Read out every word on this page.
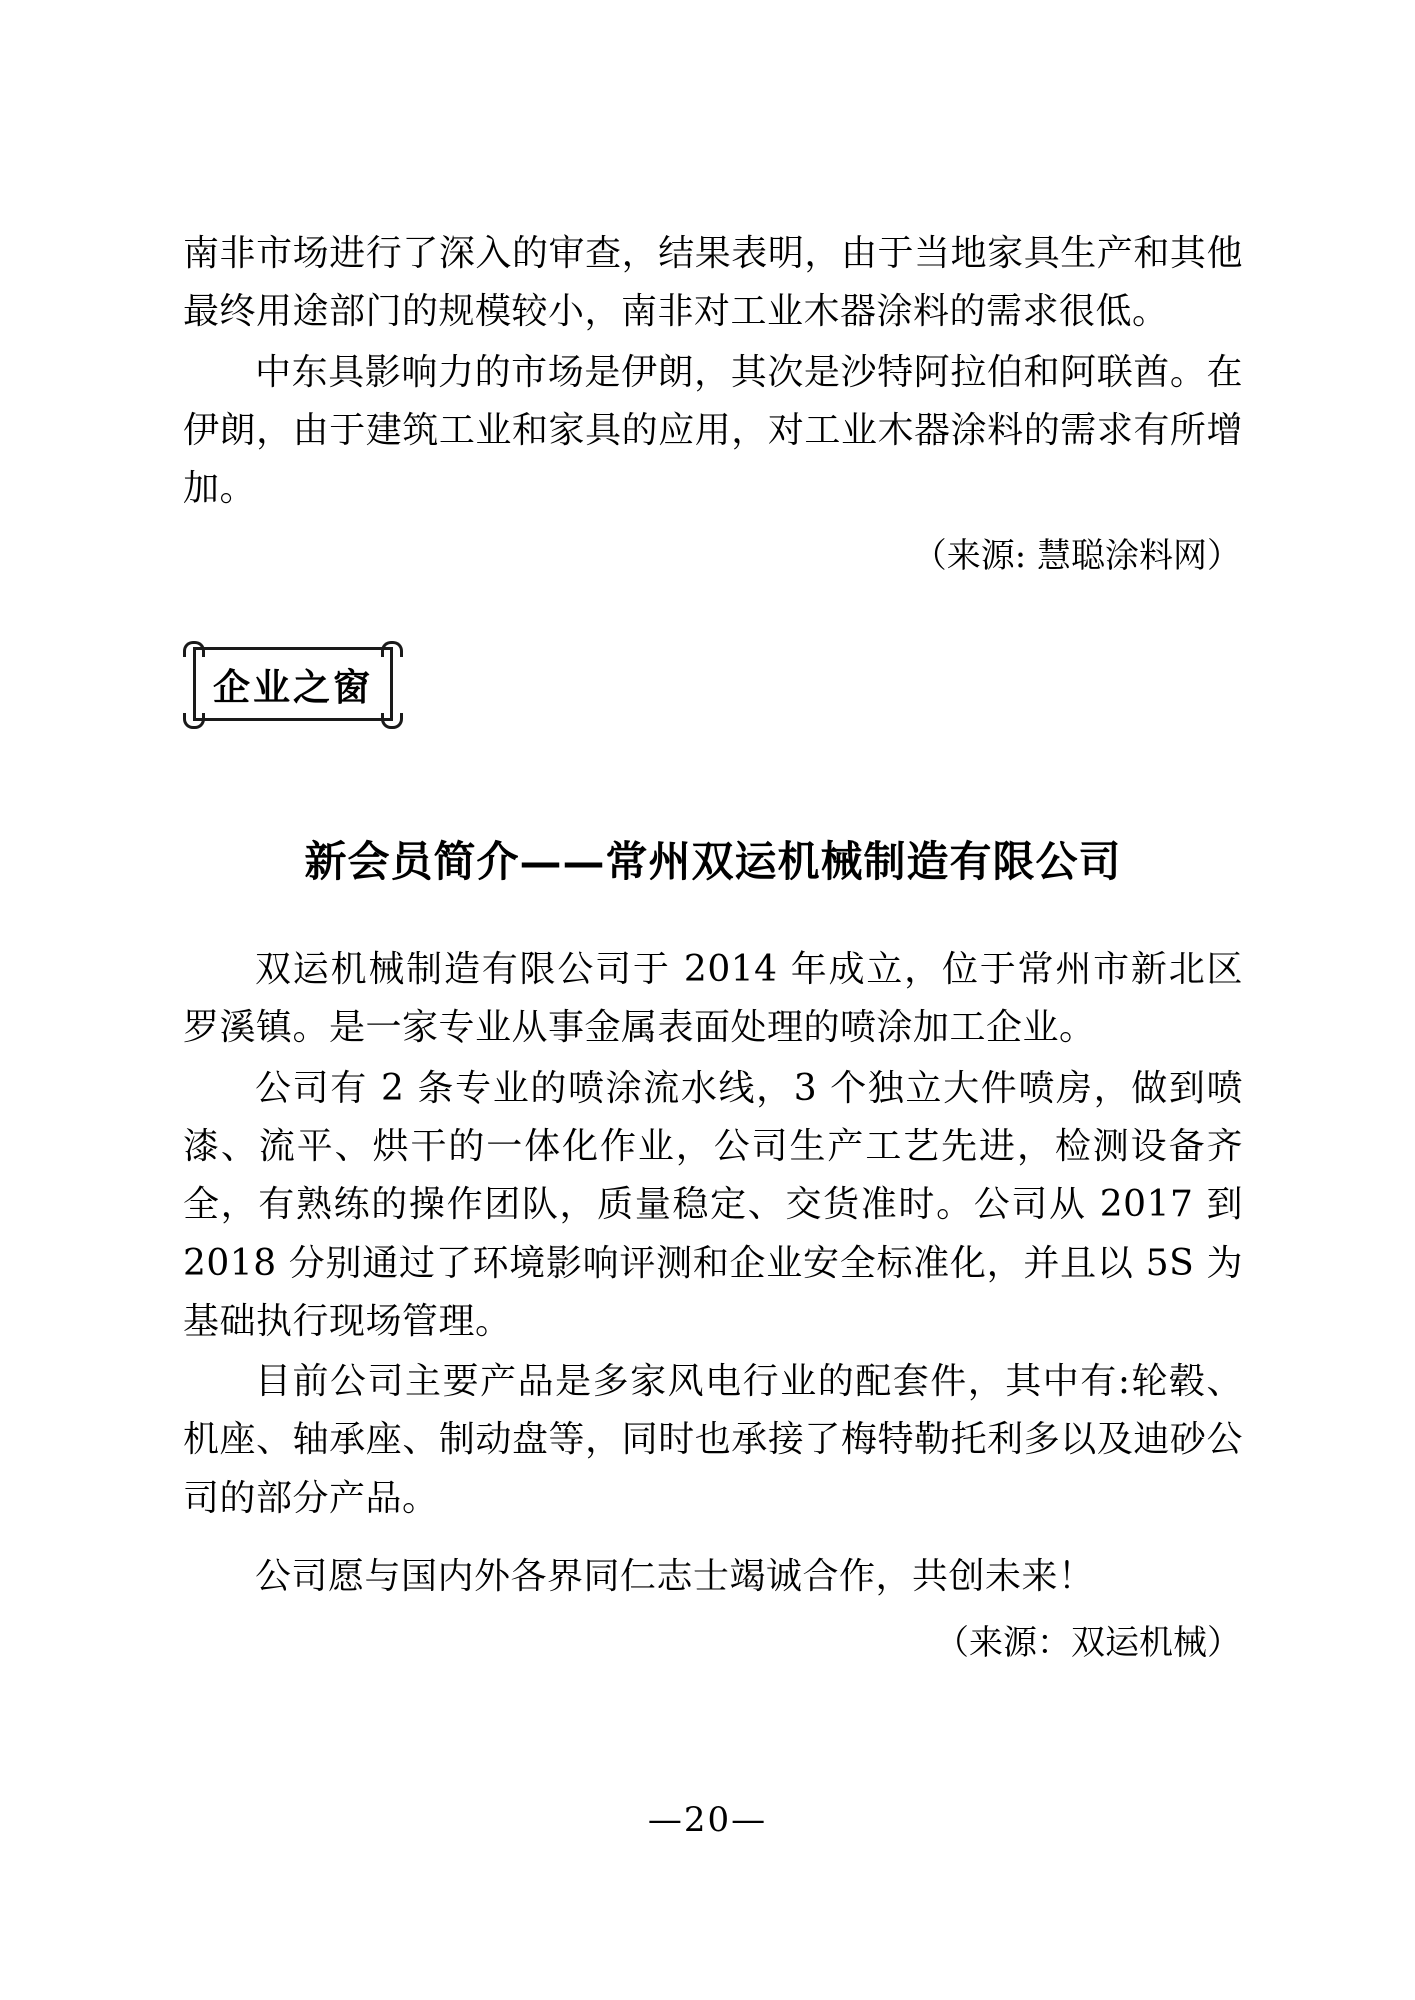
南非市场进行了深入的审查，结果表明，由于当地家具生产和其他最终用途部门的规模较小，南非对工业木器涂料的需求很低。

中东具影响力的市场是伊朗，其次是沙特阿拉伯和阿联酋。在伊朗，由于建筑工业和家具的应用，对工业木器涂料的需求有所增加。

（来源: 慧聪涂料网）

企业之窗
新会员简介——常州双运机械制造有限公司

双运机械制造有限公司于 2014 年成立，位于常州市新北区罗溪镇。是一家专业从事金属表面处理的喷涂加工企业。

公司有 2 条专业的喷涂流水线，3 个独立大件喷房，做到喷漆、流平、烘干的一体化作业，公司生产工艺先进，检测设备齐全，有熟练的操作团队，质量稳定、交货准时。公司从 2017 到 2018 分别通过了环境影响评测和企业安全标准化，并且以 5S 为基础执行现场管理。

目前公司主要产品是多家风电行业的配套件，其中有:轮毂、机座、轴承座、制动盘等，同时也承接了梅特勒托利多以及迪砂公司的部分产品。

公司愿与国内外各界同仁志士竭诚合作，共创未来！

（来源：双运机械）

—20—
